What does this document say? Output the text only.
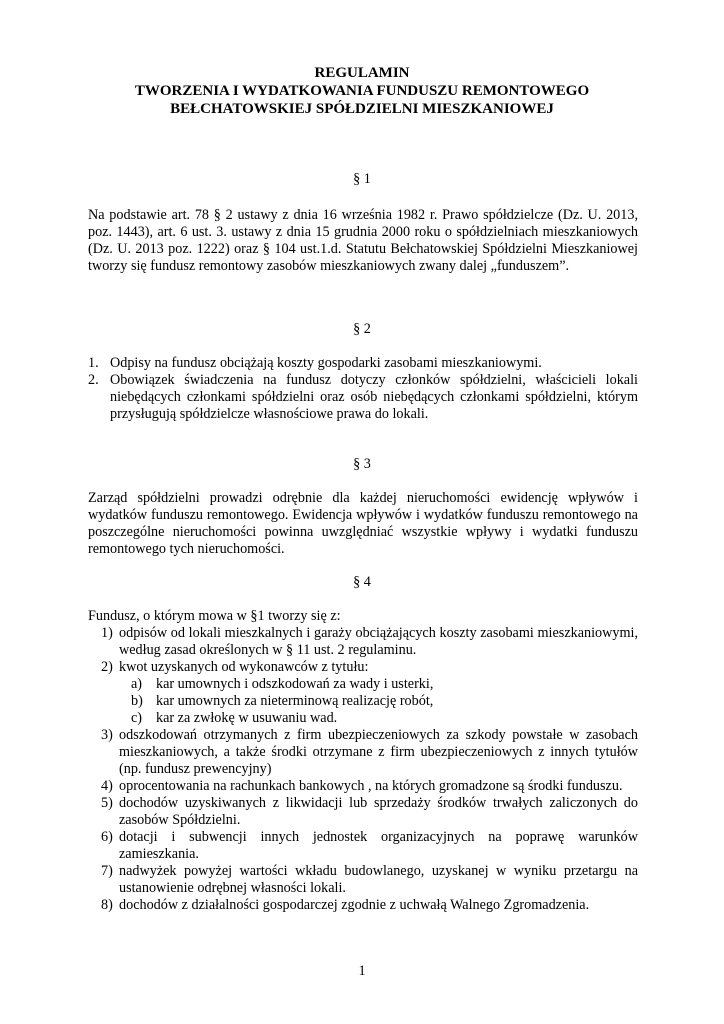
REGULAMIN
TWORZENIA I WYDATKOWANIA FUNDUSZU REMONTOWEGO
BEŁCHATOWSKIEJ SPÓŁDZIELNI MIESZKANIOWEJ
§ 1

Na podstawie art. 78 § 2 ustawy z dnia 16 września 1982 r. Prawo spółdzielcze (Dz. U. 2013, poz. 1443), art. 6 ust. 3. ustawy z dnia 15 grudnia 2000 roku o spółdzielniach mieszkaniowych (Dz. U. 2013 poz. 1222) oraz § 104 ust.1.d. Statutu Bełchatowskiej Spółdzielni Mieszkaniowej tworzy się fundusz remontowy zasobów mieszkaniowych zwany dalej „funduszem”.

§ 2
1. Odpisy na fundusz obciążają koszty gospodarki zasobami mieszkaniowymi.
2. Obowiązek świadczenia na fundusz dotyczy członków spółdzielni, właścicieli lokali niebędących członkami spółdzielni oraz osób niebędących członkami spółdzielni, którym przysługują spółdzielcze własnościowe prawa do lokali.
§ 3

Zarząd spółdzielni prowadzi odrębnie dla każdej nieruchomości ewidencję wpływów i wydatków funduszu remontowego. Ewidencja wpływów i wydatków funduszu remontowego na poszczególne nieruchomości powinna uwzględniać wszystkie wpływy i wydatki funduszu remontowego tych nieruchomości.

§ 4
Fundusz, o którym mowa w §1 tworzy się z:
1) odpisów od lokali mieszkalnych i garaży obciążających koszty zasobami mieszkaniowymi, według zasad określonych w § 11 ust. 2 regulaminu.
2) kwot uzyskanych od wykonawców z tytułu:
a) kar umownych i odszkodowań za wady i usterki,
b) kar umownych za nieterminową realizację robót,
c) kar za zwłokę w usuwaniu wad.
3) odszkodowań otrzymanych z firm ubezpieczeniowych za szkody powstałe w zasobach mieszkaniowych, a także środki otrzymane z firm ubezpieczeniowych z innych tytułów (np. fundusz prewencyjny)
4) oprocentowania na rachunkach bankowych , na których gromadzone są środki funduszu.
5) dochodów uzyskiwanych z likwidacji lub sprzedaży środków trwałych zaliczonych do zasobów Spółdzielni.
6) dotacji i subwencji innych jednostek organizacyjnych na poprawę warunków zamieszkania.
7) nadwyżek powyżej wartości wkładu budowlanego, uzyskanej w wyniku przetargu na ustanowienie odrębnej własności lokali.
8) dochodów z działalności gospodarczej zgodnie z uchwałą Walnego Zgromadzenia.
1
